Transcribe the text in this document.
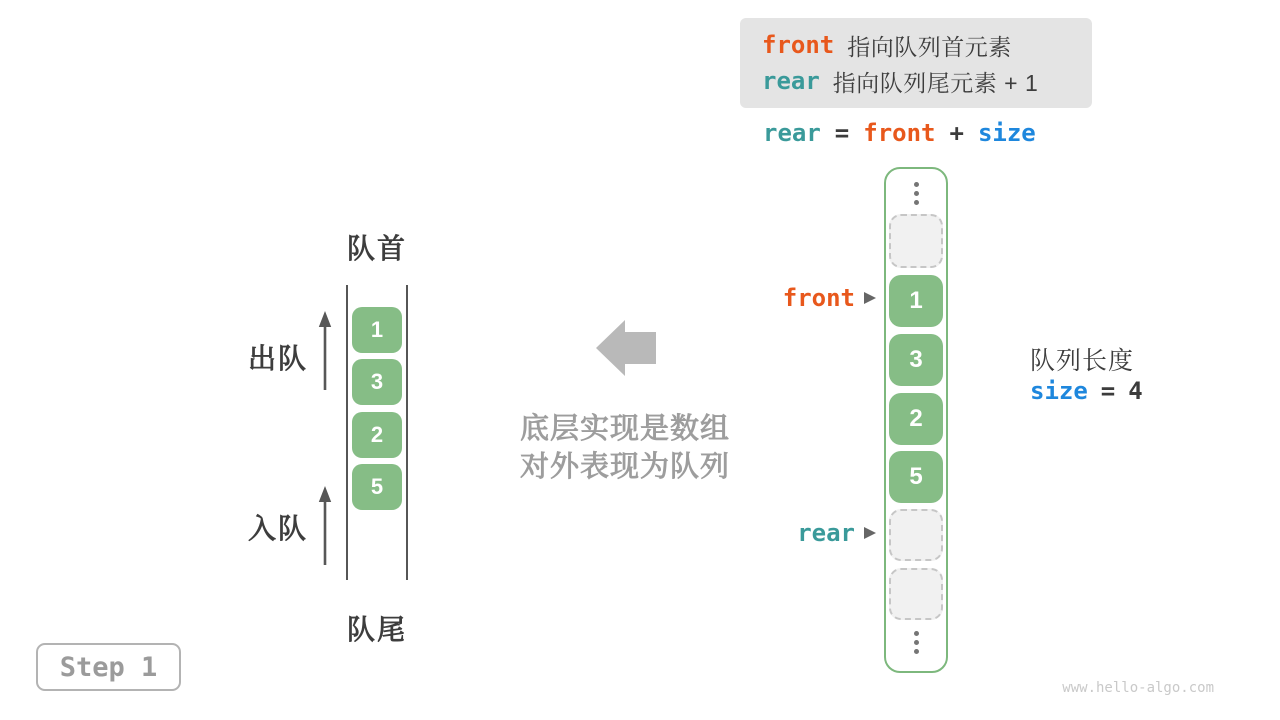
front 指向队列首元素
rear 指向队列尾元素 + 1
rear = front + size
1
3
2
5
front
rear
队列长度
size = 4
队首
1
3
2
5
出队
入队
队尾
底层实现是数组
对外表现为队列
Step 1
www.hello-algo.com
